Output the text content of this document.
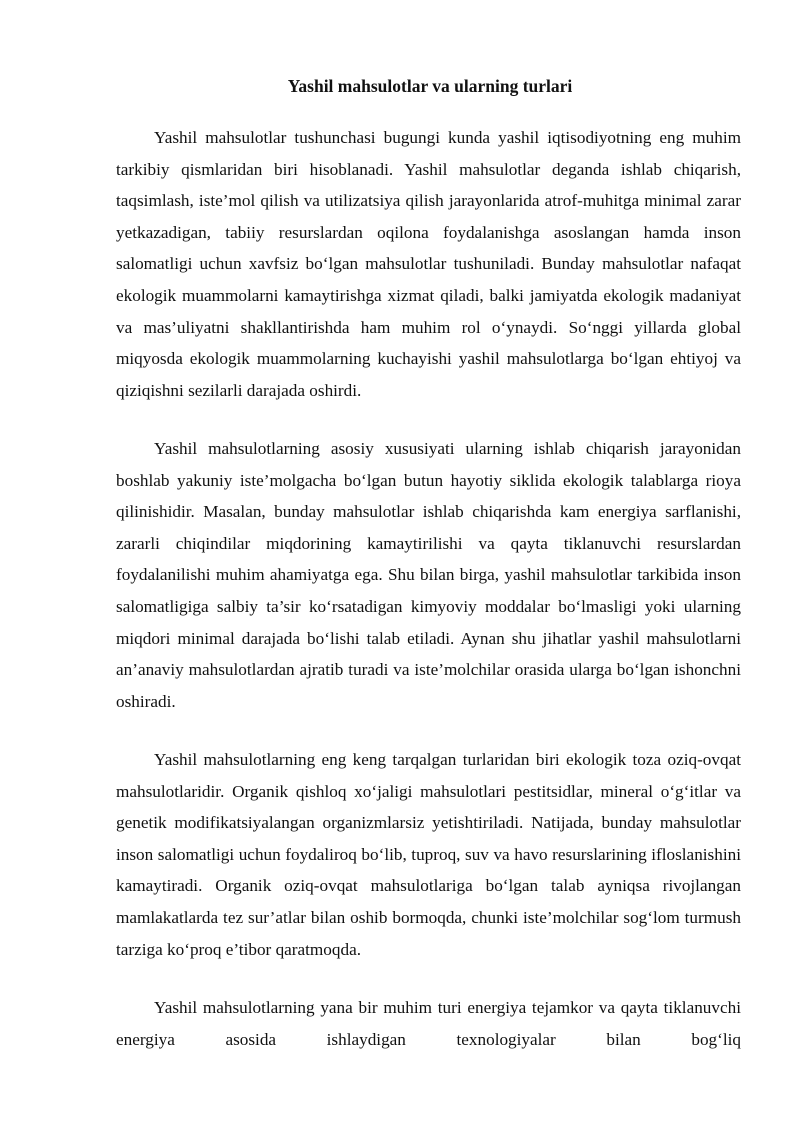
Yashil mahsulotlar va ularning turlari

Yashil mahsulotlar tushunchasi bugungi kunda yashil iqtisodiyotning eng muhim tarkibiy qismlaridan biri hisoblanadi. Yashil mahsulotlar deganda ishlab chiqarish, taqsimlash, iste’mol qilish va utilizatsiya qilish jarayonlarida atrof-muhitga minimal zarar yetkazadigan, tabiiy resurslardan oqilona foydalanishga asoslangan hamda inson salomatligi uchun xavfsiz bo‘lgan mahsulotlar tushuniladi. Bunday mahsulotlar nafaqat ekologik muammolarni kamaytirishga xizmat qiladi, balki jamiyatda ekologik madaniyat va mas’uliyatni shakllantirishda ham muhim rol o‘ynaydi. So‘nggi yillarda global miqyosda ekologik muammolarning kuchayishi yashil mahsulotlarga bo‘lgan ehtiyoj va qiziqishni sezilarli darajada oshirdi.

Yashil mahsulotlarning asosiy xususiyati ularning ishlab chiqarish jarayonidan boshlab yakuniy iste’molgacha bo‘lgan butun hayotiy siklida ekologik talablarga rioya qilinishidir. Masalan, bunday mahsulotlar ishlab chiqarishda kam energiya sarflanishi, zararli chiqindilar miqdorining kamaytirilishi va qayta tiklanuvchi resurslardan foydalanilishi muhim ahamiyatga ega. Shu bilan birga, yashil mahsulotlar tarkibida inson salomatligiga salbiy ta’sir ko‘rsatadigan kimyoviy moddalar bo‘lmasligi yoki ularning miqdori minimal darajada bo‘lishi talab etiladi. Aynan shu jihatlar yashil mahsulotlarni an’anaviy mahsulotlardan ajratib turadi va iste’molchilar orasida ularga bo‘lgan ishonchni oshiradi.

Yashil mahsulotlarning eng keng tarqalgan turlaridan biri ekologik toza oziq-ovqat mahsulotlaridir. Organik qishloq xo‘jaligi mahsulotlari pestitsidlar, mineral o‘g‘itlar va genetik modifikatsiyalangan organizmlarsiz yetishtiriladi. Natijada, bunday mahsulotlar inson salomatligi uchun foydaliroq bo‘lib, tuproq, suv va havo resurslarining ifloslanishini kamaytiradi. Organik oziq-ovqat mahsulotlariga bo‘lgan talab ayniqsa rivojlangan mamlakatlarda tez sur’atlar bilan oshib bormoqda, chunki iste’molchilar sog‘lom turmush tarziga ko‘proq e’tibor qaratmoqda.

Yashil mahsulotlarning yana bir muhim turi energiya tejamkor va qayta tiklanuvchi energiya asosida ishlaydigan texnologiyalar bilan bog‘liq
